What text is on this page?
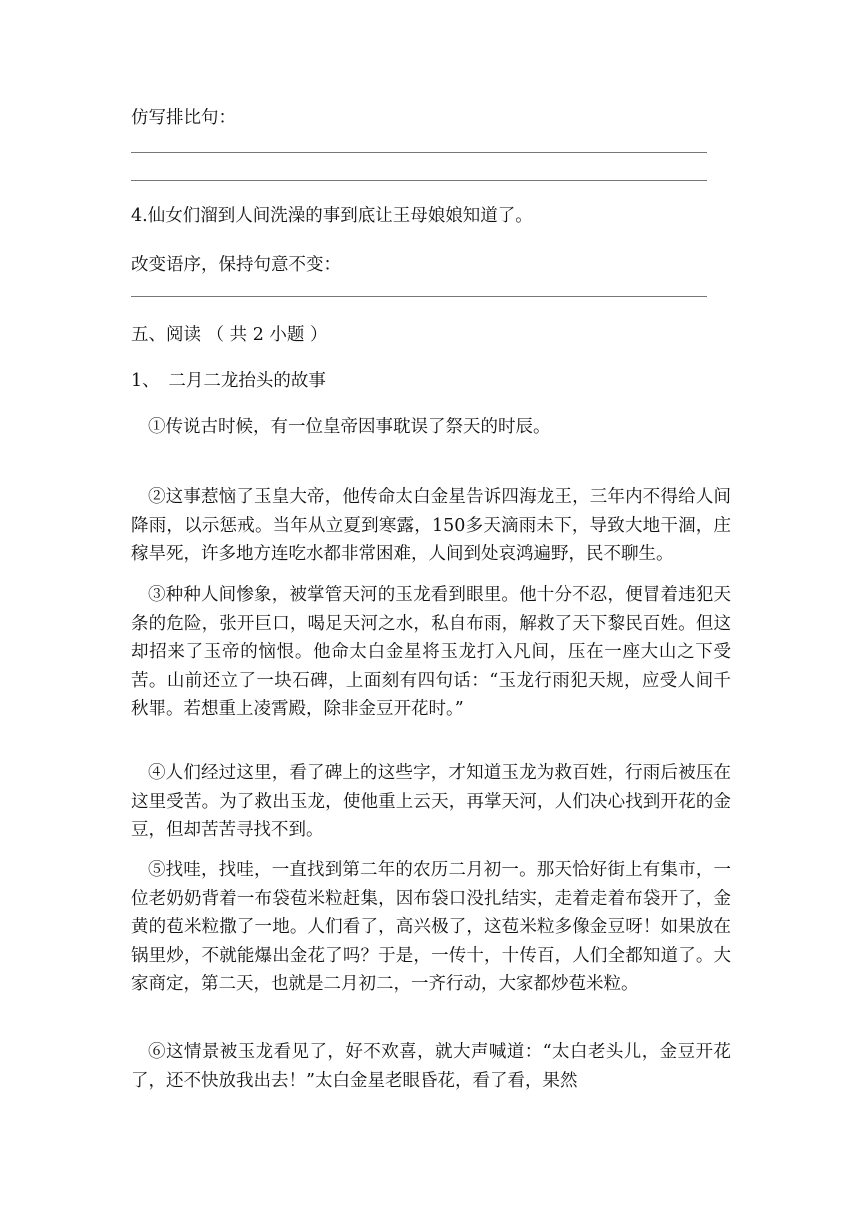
仿写排比句：
4.仙女们溜到人间洗澡的事到底让王母娘娘知道了。
改变语序，保持句意不变：
五、阅读 （ 共 2 小题 ）
1、　二月二龙抬头的故事

①传说古时候，有一位皇帝因事耽误了祭天的时辰。

②这事惹恼了玉皇大帝，他传命太白金星告诉四海龙王，三年内不得给人间降雨，以示惩戒。当年从立夏到寒露，150多天滴雨未下，导致大地干涸，庄稼旱死，许多地方连吃水都非常困难，人间到处哀鸿遍野，民不聊生。

③种种人间惨象，被掌管天河的玉龙看到眼里。他十分不忍，便冒着违犯天条的危险，张开巨口，喝足天河之水，私自布雨，解救了天下黎民百姓。但这却招来了玉帝的恼恨。他命太白金星将玉龙打入凡间，压在一座大山之下受苦。山前还立了一块石碑，上面刻有四句话：“玉龙行雨犯天规，应受人间千秋罪。若想重上凌霄殿，除非金豆开花时。”

④人们经过这里，看了碑上的这些字，才知道玉龙为救百姓，行雨后被压在这里受苦。为了救出玉龙，使他重上云天，再掌天河，人们决心找到开花的金豆，但却苦苦寻找不到。

⑤找哇，找哇，一直找到第二年的农历二月初一。那天恰好街上有集市，一位老奶奶背着一布袋苞米粒赶集，因布袋口没扎结实，走着走着布袋开了，金黄的苞米粒撒了一地。人们看了，高兴极了，这苞米粒多像金豆呀！如果放在锅里炒，不就能爆出金花了吗？于是，一传十，十传百，人们全都知道了。大家商定，第二天，也就是二月初二，一齐行动，大家都炒苞米粒。

⑥这情景被玉龙看见了，好不欢喜，就大声喊道：“太白老头儿，金豆开花了，还不快放我出去！”太白金星老眼昏花，看了看，果然
